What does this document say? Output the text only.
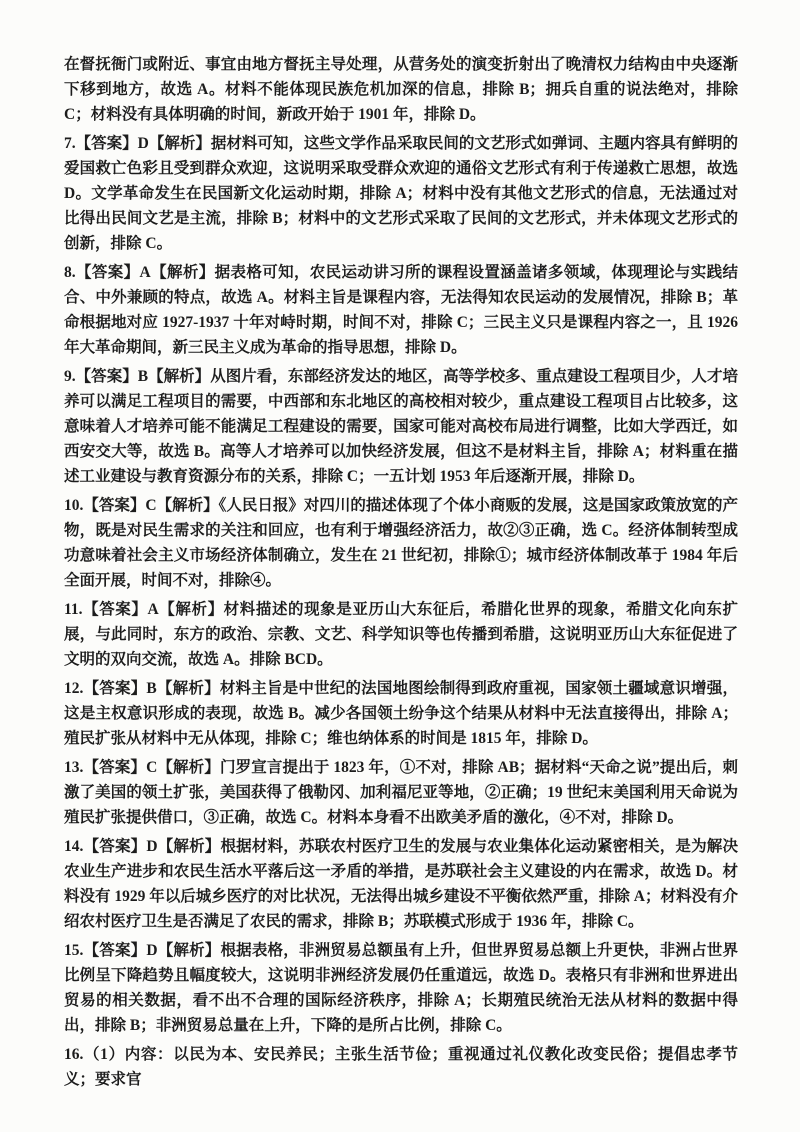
在督抚衙门或附近、事宜由地方督抚主导处理，从营务处的演变折射出了晚清权力结构由中央逐渐下移到地方，故选 A。材料不能体现民族危机加深的信息，排除 B；拥兵自重的说法绝对，排除 C；材料没有具体明确的时间，新政开始于 1901 年，排除 D。

7.【答案】D【解析】据材料可知，这些文学作品采取民间的文艺形式如弹词、主题内容具有鲜明的爱国救亡色彩且受到群众欢迎，这说明采取受群众欢迎的通俗文艺形式有利于传递救亡思想，故选 D。文学革命发生在民国新文化运动时期，排除 A；材料中没有其他文艺形式的信息，无法通过对比得出民间文艺是主流，排除 B；材料中的文艺形式采取了民间的文艺形式，并未体现文艺形式的创新，排除 C。

8.【答案】A【解析】据表格可知，农民运动讲习所的课程设置涵盖诸多领域，体现理论与实践结合、中外兼顾的特点，故选 A。材料主旨是课程内容，无法得知农民运动的发展情况，排除 B；革命根据地对应 1927-1937 十年对峙时期，时间不对，排除 C；三民主义只是课程内容之一，且 1926 年大革命期间，新三民主义成为革命的指导思想，排除 D。

9.【答案】B【解析】从图片看，东部经济发达的地区，高等学校多、重点建设工程项目少，人才培养可以满足工程项目的需要，中西部和东北地区的高校相对较少，重点建设工程项目占比较多，这意味着人才培养可能不能满足工程建设的需要，国家可能对高校布局进行调整，比如大学西迁，如西安交大等，故选 B。高等人才培养可以加快经济发展，但这不是材料主旨，排除 A；材料重在描述工业建设与教育资源分布的关系，排除 C；一五计划 1953 年后逐渐开展，排除 D。

10.【答案】C【解析】《人民日报》对四川的描述体现了个体小商贩的发展，这是国家政策放宽的产物，既是对民生需求的关注和回应，也有利于增强经济活力，故②③正确，选 C。经济体制转型成功意味着社会主义市场经济体制确立，发生在 21 世纪初，排除①；城市经济体制改革于 1984 年后全面开展，时间不对，排除④。

11.【答案】A【解析】材料描述的现象是亚历山大东征后，希腊化世界的现象，希腊文化向东扩展，与此同时，东方的政治、宗教、文艺、科学知识等也传播到希腊，这说明亚历山大东征促进了文明的双向交流，故选 A。排除 BCD。

12.【答案】B【解析】材料主旨是中世纪的法国地图绘制得到政府重视，国家领土疆域意识增强，这是主权意识形成的表现，故选 B。减少各国领土纷争这个结果从材料中无法直接得出，排除 A；殖民扩张从材料中无从体现，排除 C；维也纳体系的时间是 1815 年，排除 D。

13.【答案】C【解析】门罗宣言提出于 1823 年，①不对，排除 AB；据材料“天命之说”提出后，刺激了美国的领土扩张，美国获得了俄勒冈、加利福尼亚等地，②正确；19 世纪末美国利用天命说为殖民扩张提供借口，③正确，故选 C。材料本身看不出欧美矛盾的激化，④不对，排除 D。

14.【答案】D【解析】根据材料，苏联农村医疗卫生的发展与农业集体化运动紧密相关，是为解决农业生产进步和农民生活水平落后这一矛盾的举措，是苏联社会主义建设的内在需求，故选 D。材料没有 1929 年以后城乡医疗的对比状况，无法得出城乡建设不平衡依然严重，排除 A；材料没有介绍农村医疗卫生是否满足了农民的需求，排除 B；苏联模式形成于 1936 年，排除 C。

15.【答案】D【解析】根据表格，非洲贸易总额虽有上升，但世界贸易总额上升更快，非洲占世界比例呈下降趋势且幅度较大，这说明非洲经济发展仍任重道远，故选 D。表格只有非洲和世界进出贸易的相关数据，看不出不合理的国际经济秩序，排除 A；长期殖民统治无法从材料的数据中得出，排除 B；非洲贸易总量在上升，下降的是所占比例，排除 C。

16.（1）内容：以民为本、安民养民；主张生活节俭；重视通过礼仪教化改变民俗；提倡忠孝节义；要求官
